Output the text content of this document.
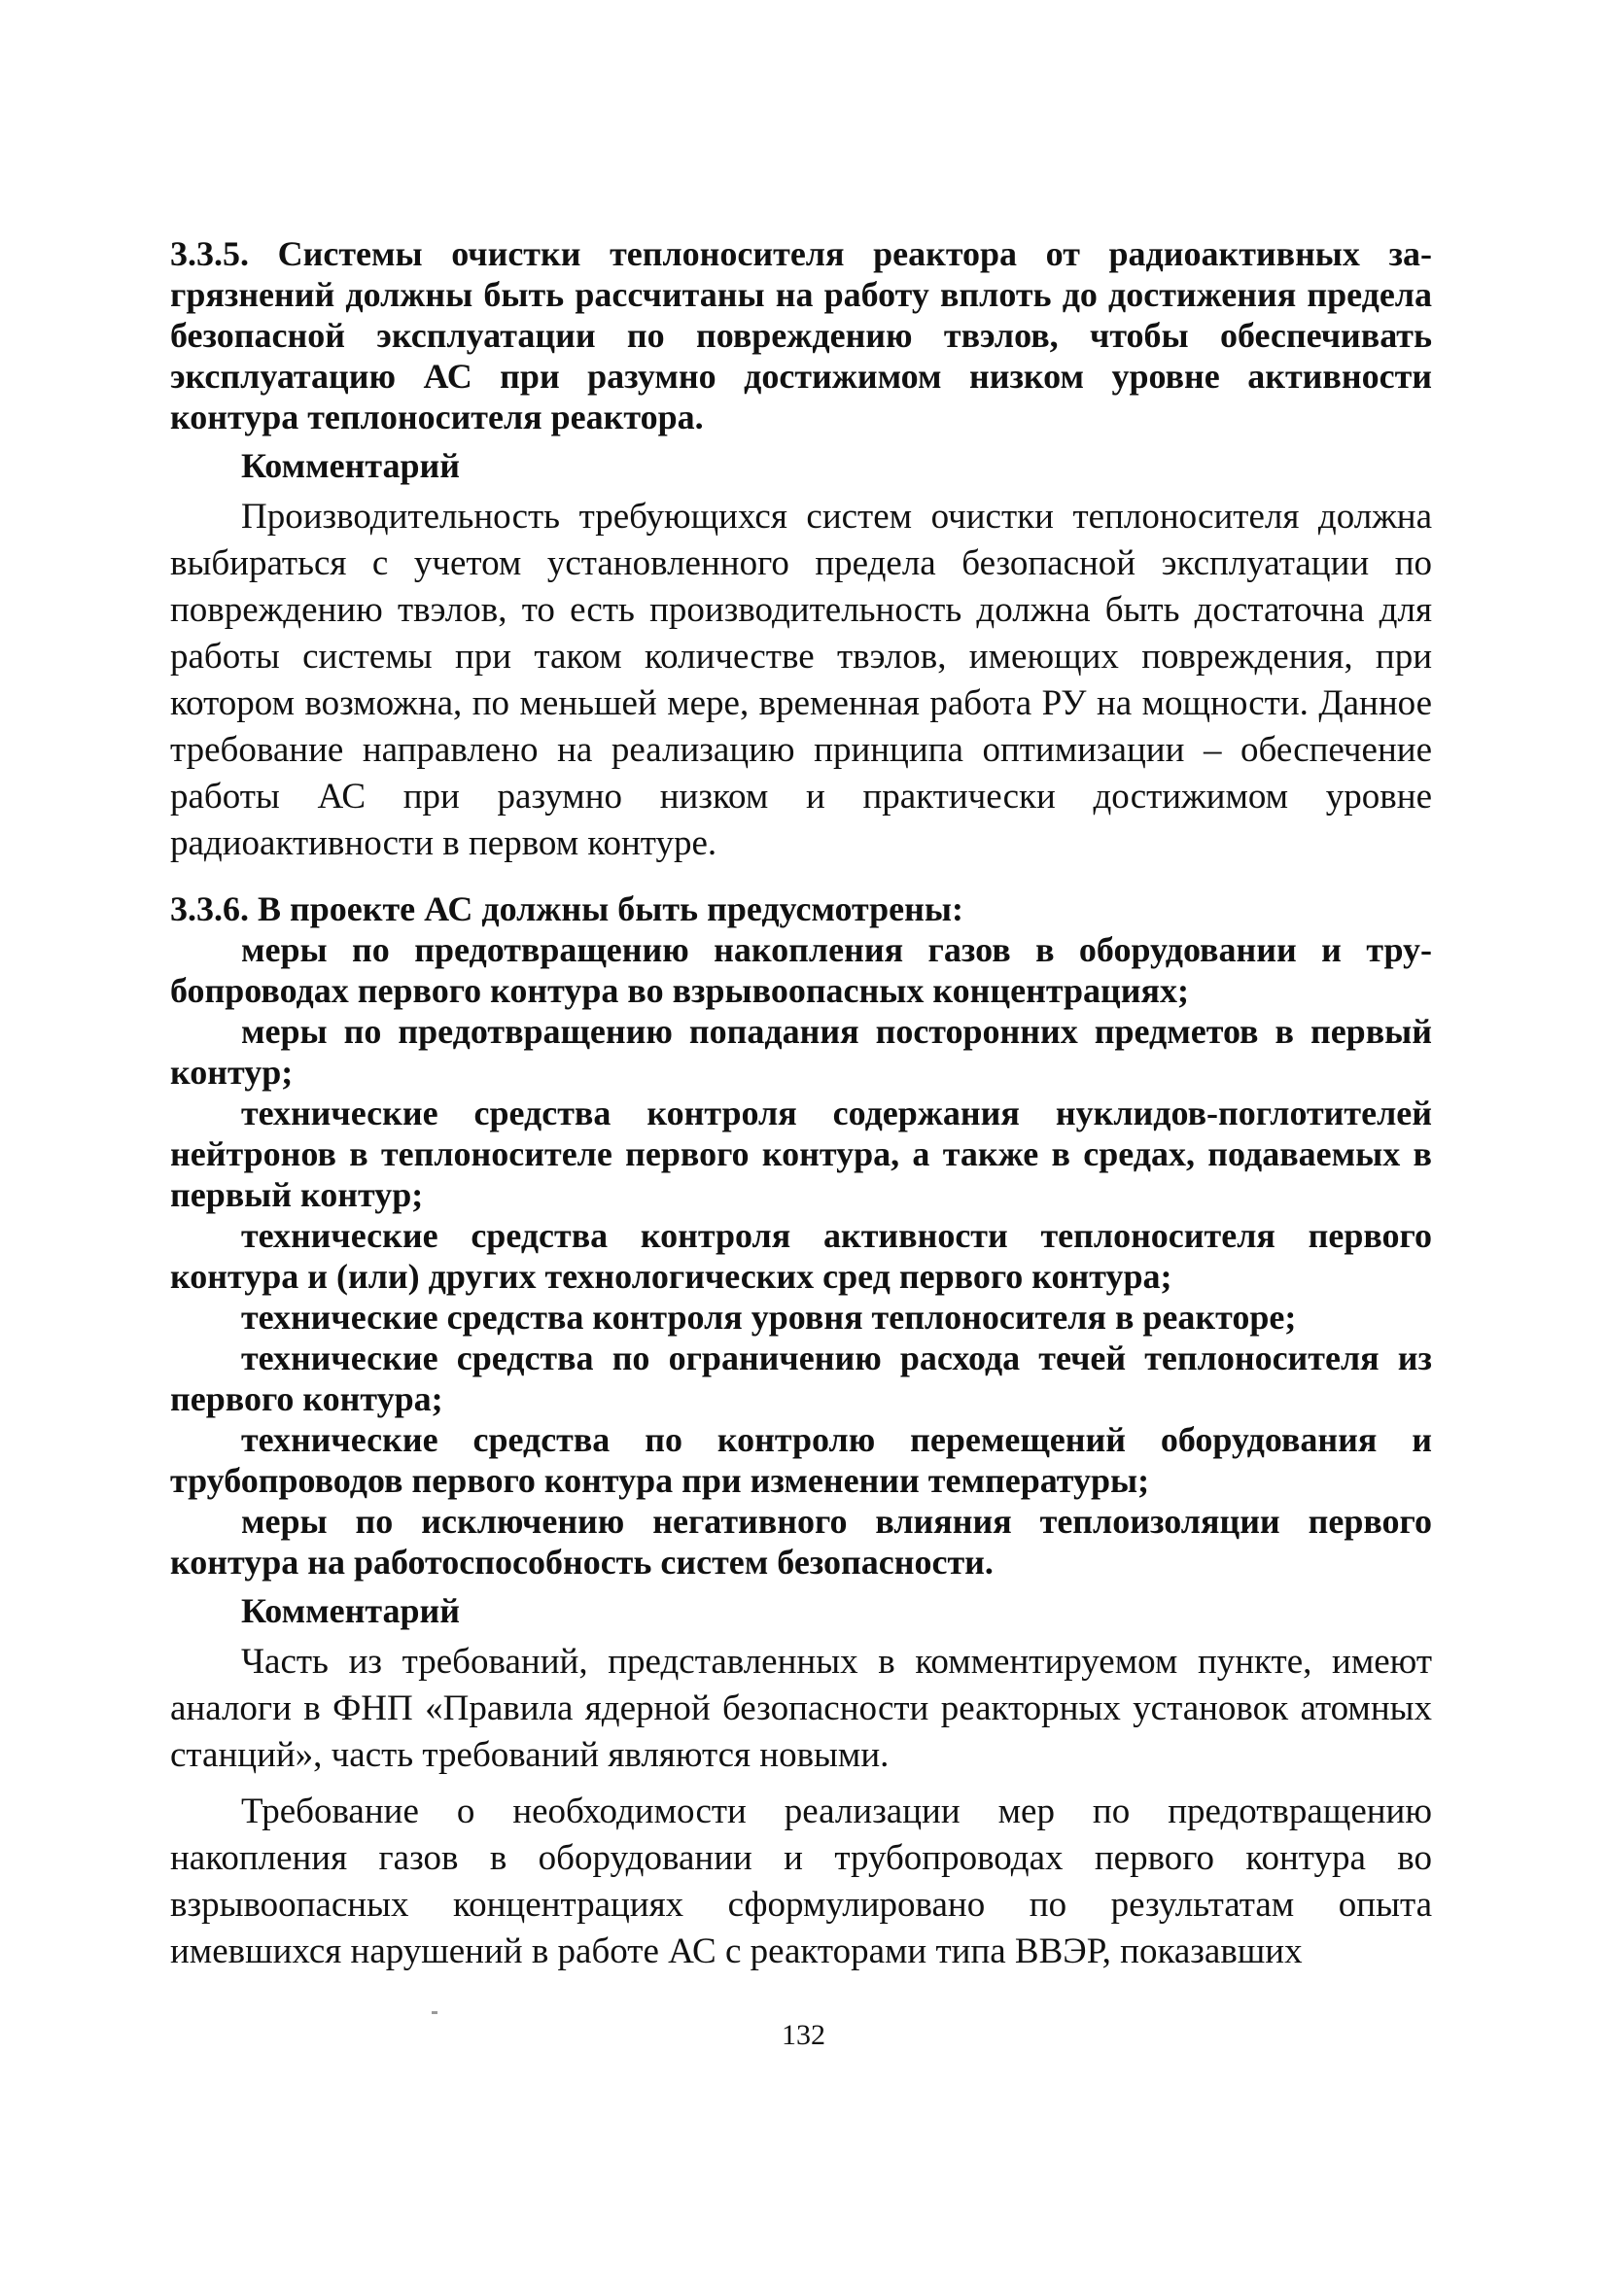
3.3.5. Системы очистки теплоносителя реактора от радиоактивных загрязнений должны быть рассчитаны на работу вплоть до достижения предела безопасной эксплуатации по повреждению твэлов, чтобы обеспечивать эксплуатацию АС при разумно достижимом низком уровне активности контура теплоносителя реактора.

Комментарий

Производительность требующихся систем очистки теплоносителя должна выбираться с учетом установленного предела безопасной эксплуатации по повреждению твэлов, то есть производительность должна быть достаточна для работы системы при таком количестве твэлов, имеющих повреждения, при котором возможна, по меньшей мере, временная работа РУ на мощности. Данное требование направлено на реализацию принципа оптимизации – обеспечение работы АС при разумно низком и практически достижимом уровне радиоактивности в первом контуре.

3.3.6. В проекте АС должны быть предусмотрены:

меры по предотвращению накопления газов в оборудовании и трубопроводах первого контура во взрывоопасных концентрациях;

меры по предотвращению попадания посторонних предметов в первый контур;

технические средства контроля содержания нуклидов-поглотителей нейтронов в теплоносителе первого контура, а также в средах, подаваемых в первый контур;

технические средства контроля активности теплоносителя первого контура и (или) других технологических сред первого контура;

технические средства контроля уровня теплоносителя в реакторе;

технические средства по ограничению расхода течей теплоносителя из первого контура;

технические средства по контролю перемещений оборудования и трубопроводов первого контура при изменении температуры;

меры по исключению негативного влияния теплоизоляции первого контура на работоспособность систем безопасности.

Комментарий

Часть из требований, представленных в комментируемом пункте, имеют аналоги в ФНП «Правила ядерной безопасности реакторных установок атомных станций», часть требований являются новыми.

Требование о необходимости реализации мер по предотвращению накопления газов в оборудовании и трубопроводах первого контура во взрывоопасных концентрациях сформулировано по результатам опыта имевшихся нарушений в работе АС с реакторами типа ВВЭР, показавших

132
